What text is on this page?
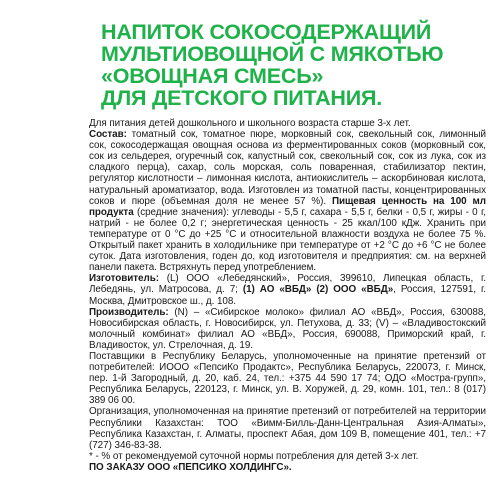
НАПИТОК СОКОСОДЕРЖАЩИЙ
МУЛЬТИОВОЩНОЙ С МЯКОТЬЮ
«ОВОЩНАЯ СМЕСЬ»
ДЛЯ ДЕТСКОГО ПИТАНИЯ.

Для питания детей дошкольного и школьного возраста старше 3-х лет.

Состав: томатный сок, томатное пюре, морковный сок, свекольный сок, лимонный сок, сокосодержащая овощная основа из ферментированных соков (морковный сок, сок из сельдерея, огуречный сок, капустный сок, свекольный сок, сок из лука, сок из сладкого перца), сахар, соль морская, соль поваренная, стабилизатор пектин, регулятор кислотности – лимонная кислота, антиокислитель – аскорбиновая кислота, натуральный ароматизатор, вода. Изготовлен из томатной пасты, концентрированных соков и пюре (объемная доля не менее 57 %). Пищевая ценность на 100 мл продукта (средние значения): углеводы - 5,5 г, сахара - 5,5 г, белки - 0,5 г, жиры - 0 г, натрий - не более 0,2 г; энергетическая ценность - 25 ккал/100 кДж. Хранить при температуре от 0 °С до +25 °С и относительной влажности воздуха не более 75 %. Открытый пакет хранить в холодильнике при температуре от +2 °С до +6 °С не более суток. Дата изготовления, годен до, код изготовителя и предприятия: см. на верхней панели пакета. Встряхнуть перед употреблением.

Изготовитель: (L) ООО «Лебедянский», Россия, 399610, Липецкая область, г. Лебедянь, ул. Матросова, д. 7; (1) АО «ВБД» (2) ООО «ВБД», Россия, 127591, г. Москва, Дмитровское ш., д. 108.

Производитель: (N) – «Сибирское молоко» филиал АО «ВБД», Россия, 630088, Новосибирская область, г. Новосибирск, ул. Петухова, д. 33; (V) – «Владивостокский молочный комбинат» филиал АО «ВБД», Россия, 690088, Приморский край, г. Владивосток, ул. Стрелочная, д. 19.

Поставщики в Республику Беларусь, уполномоченные на принятие претензий от потребителей: ИООО «ПепсиКо Продактс», Республика Беларусь, 220073, г. Минск, пер. 1-й Загородный, д. 20, каб. 24, тел.: +375 44 590 17 74; ОДО «Мостра-групп», Республика Беларусь, 220123, г. Минск, ул. В. Хоружей, д. 29, комн. 101, тел.: 8 (017) 389 06 00.

Организация, уполномоченная на принятие претензий от потребителей на территории Республики Казахстан: ТОО «Вимм-Билль-Данн-Центральная Азия-Алматы», Республика Казахстан, г. Алматы, проспект Абая, дом 109 В, помещение 401, тел.: +7 (727) 346-83-38.

* - % от рекомендуемой суточной нормы потребления для детей 3-х лет.

ПО ЗАКАЗУ ООО «ПЕПСИКО ХОЛДИНГС».
